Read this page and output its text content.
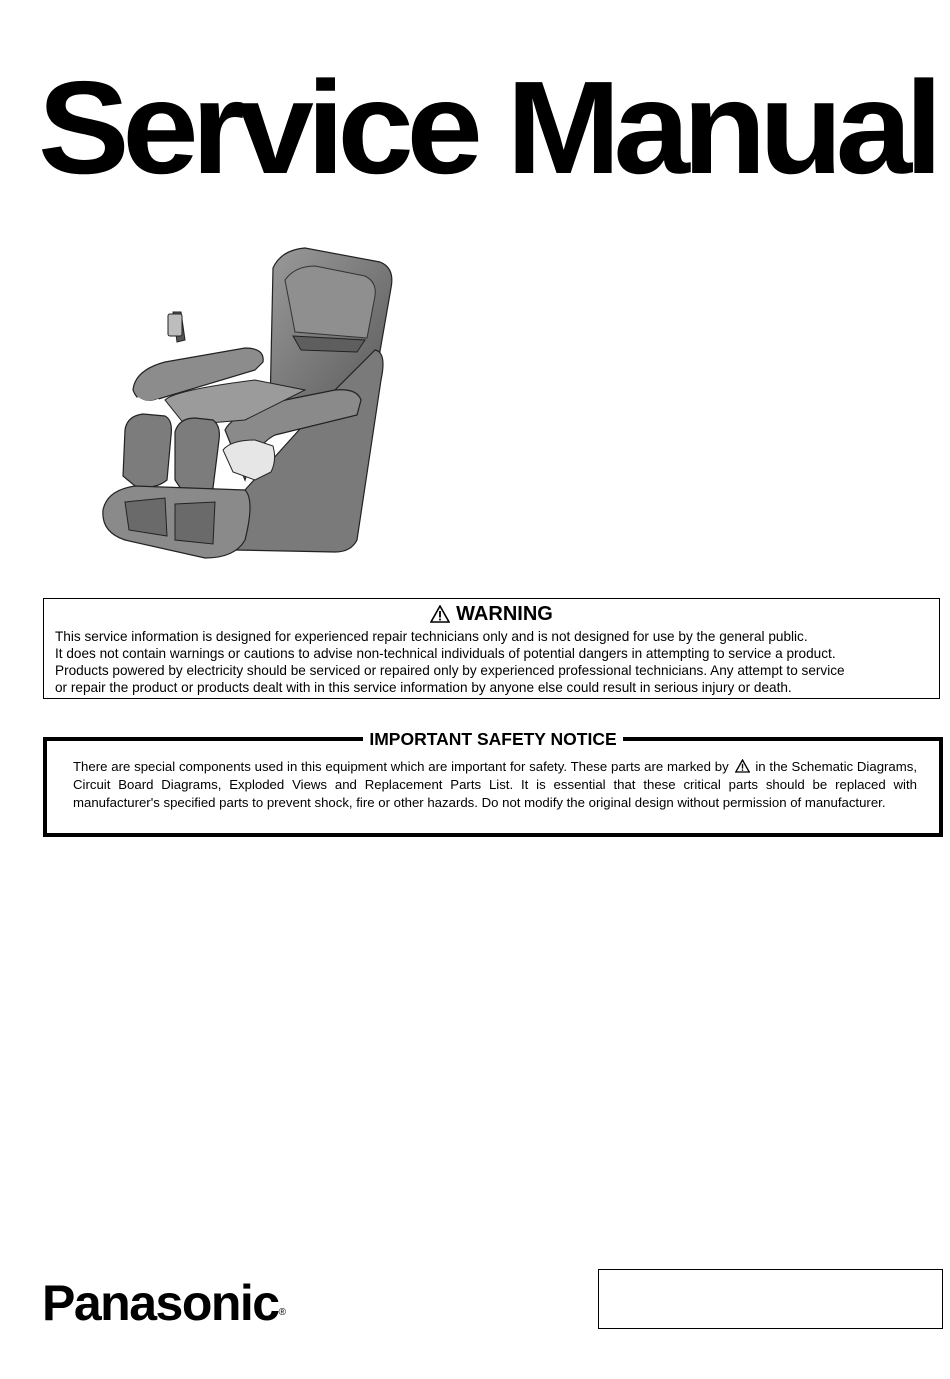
Service Manual
WARNING
This service information is designed for experienced repair technicians only and is not designed for use by the general public.
It does not contain warnings or cautions to advise non-technical individuals of potential dangers in attempting to service a product.
Products powered by electricity should be serviced or repaired only by experienced professional technicians. Any attempt to service
or repair the product or products dealt with in this service information by anyone else could result in serious injury or death.
IMPORTANT SAFETY NOTICE
There are special components used in this equipment which are important for safety. These parts are marked by in the Schematic Diagrams, Circuit Board Diagrams, Exploded Views and Replacement Parts List. It is essential that these critical parts should be replaced with manufacturer's specified parts to prevent shock, fire or other hazards. Do not modify the original design without permission of manufacturer.
Panasonic®
